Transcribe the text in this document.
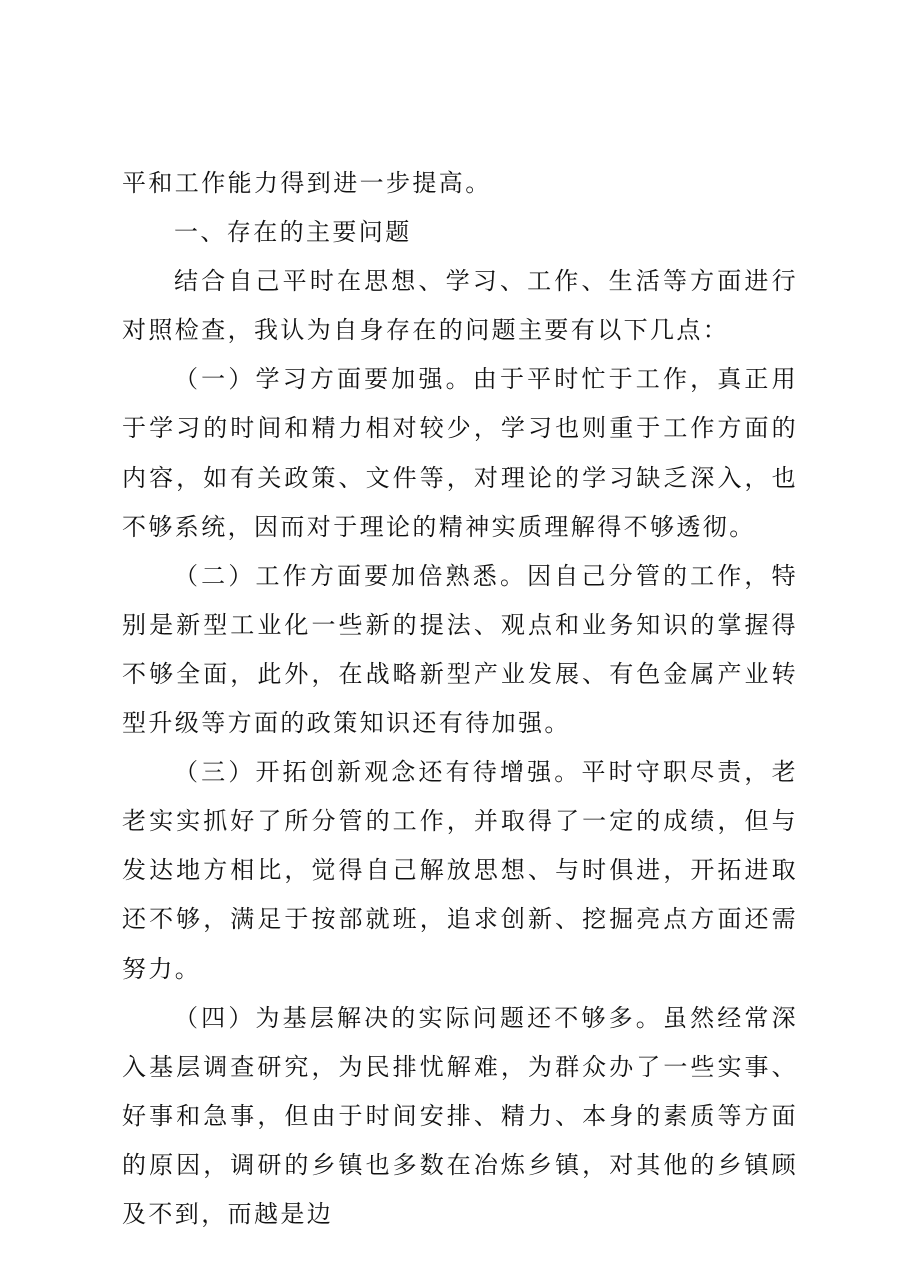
平和工作能力得到进一步提高。

一、存在的主要问题

结合自己平时在思想、学习、工作、生活等方面进行对照检查，我认为自身存在的问题主要有以下几点：

（一）学习方面要加强。由于平时忙于工作，真正用于学习的时间和精力相对较少，学习也则重于工作方面的内容，如有关政策、文件等，对理论的学习缺乏深入，也不够系统，因而对于理论的精神实质理解得不够透彻。

（二）工作方面要加倍熟悉。因自己分管的工作，特别是新型工业化一些新的提法、观点和业务知识的掌握得不够全面，此外，在战略新型产业发展、有色金属产业转型升级等方面的政策知识还有待加强。

（三）开拓创新观念还有待增强。平时守职尽责，老老实实抓好了所分管的工作，并取得了一定的成绩，但与发达地方相比，觉得自己解放思想、与时俱进，开拓进取还不够，满足于按部就班，追求创新、挖掘亮点方面还需努力。

（四）为基层解决的实际问题还不够多。虽然经常深入基层调查研究，为民排忧解难，为群众办了一些实事、好事和急事，但由于时间安排、精力、本身的素质等方面的原因，调研的乡镇也多数在冶炼乡镇，对其他的乡镇顾及不到，而越是边
